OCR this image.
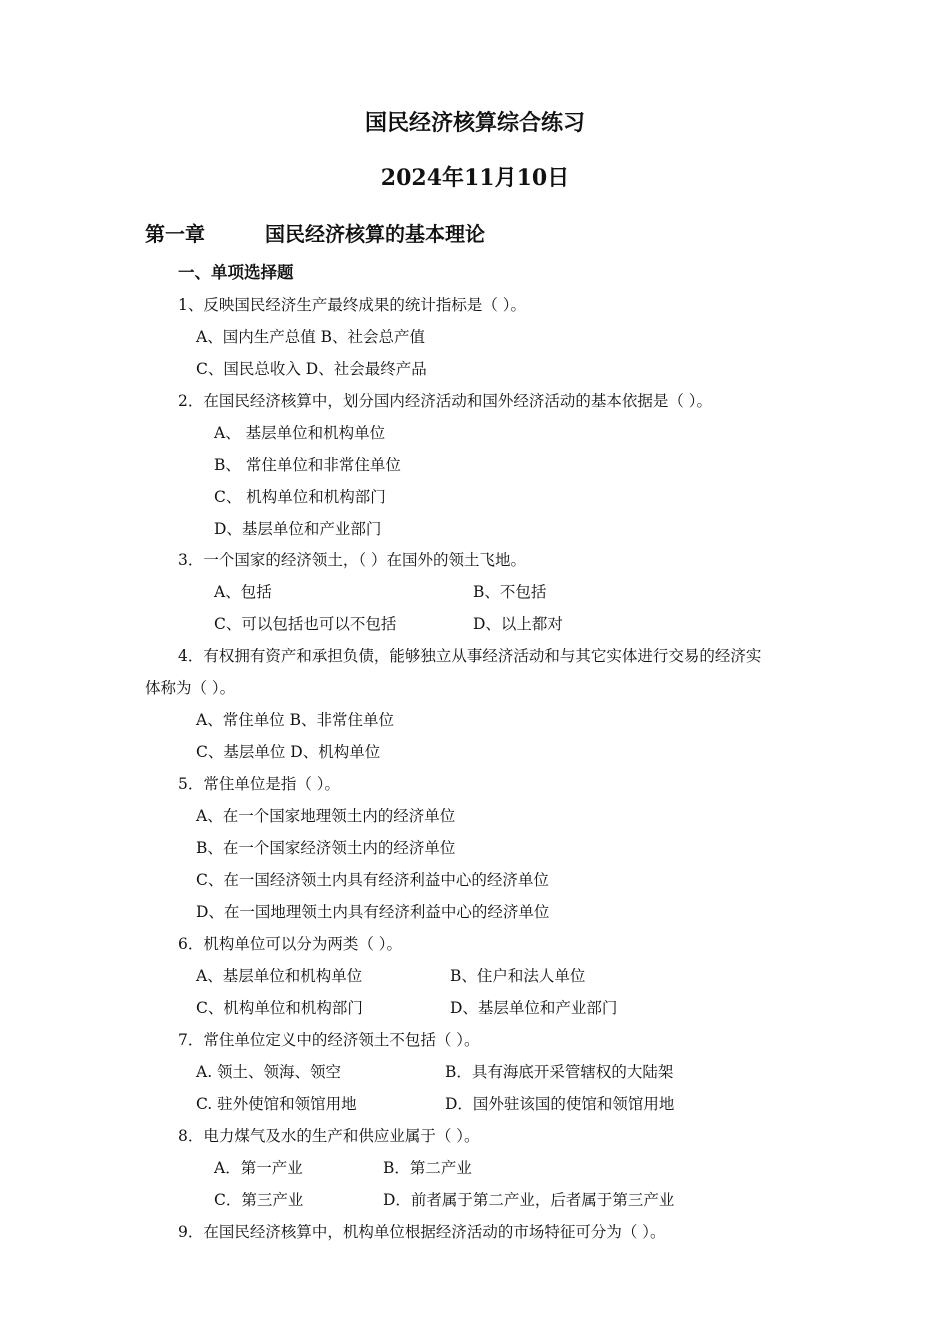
国民经济核算综合练习
2024年11月10日
第一章	国民经济核算的基本理论
一、单项选择题
1、反映国民经济生产最终成果的统计指标是（ ）。
A、国内生产总值 B、社会总产值
C、国民总收入 D、社会最终产品
2．在国民经济核算中，划分国内经济活动和国外经济活动的基本依据是（ ）。
A、 基层单位和机构单位
B、 常住单位和非常住单位
C、 机构单位和机构部门
D、基层单位和产业部门
3．一个国家的经济领土，（ ）在国外的领土飞地。
A、包括	B、不包括
C、可以包括也可以不包括	D、以上都对
4．有权拥有资产和承担负债，能够独立从事经济活动和与其它实体进行交易的经济实
体称为（ ）。
A、常住单位 B、非常住单位
C、基层单位 D、机构单位
5．常住单位是指（ ）。
A、在一个国家地理领土内的经济单位
B、在一个国家经济领土内的经济单位
C、在一国经济领土内具有经济利益中心的经济单位
D、在一国地理领土内具有经济利益中心的经济单位
6．机构单位可以分为两类（ ）。
A、基层单位和机构单位	B、住户和法人单位
C、机构单位和机构部门	D、基层单位和产业部门
7．常住单位定义中的经济领土不包括（ ）。
A. 领土、领海、领空	B．具有海底开采管辖权的大陆架
C. 驻外使馆和领馆用地	D．国外驻该国的使馆和领馆用地
8．电力煤气及水的生产和供应业属于（ ）。
A．第一产业	B．第二产业
C．第三产业	D．前者属于第二产业，后者属于第三产业
9．在国民经济核算中，机构单位根据经济活动的市场特征可分为（ ）。
